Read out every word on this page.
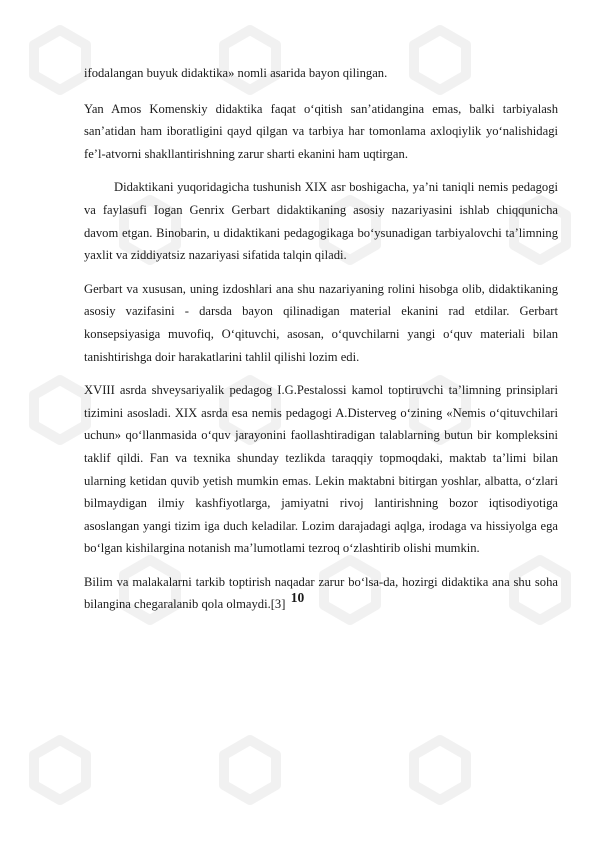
ifodalangan buyuk didaktika» nomli asarida bayon qilingan.

Yan Amos Komenskiy didaktika faqat o‘qitish san’atidangina emas, balki tarbiyalash san’atidan ham iboratligini qayd qilgan va tarbiya har tomonlama axloqiylik yo‘nalishidagi fe’l-atvorni shakllantirishning zarur sharti ekanini ham uqtirgan.

Didaktikani yuqoridagicha tushunish XIX asr boshigacha, ya’ni taniqli nemis pedagogi va faylasufi Iogan Genrix Gerbart didaktikaning asosiy nazariyasini ishlab chiqqunicha davom etgan. Binobarin, u didaktikani pedagogikaga bo‘ysunadigan tarbiyalovchi ta’limning yaxlit va ziddiyatsiz nazariyasi sifatida talqin qiladi.

Gerbart va xususan, uning izdoshlari ana shu nazariyaning rolini hisobga olib, didaktikaning asosiy vazifasini - darsda bayon qilinadigan material ekanini rad etdilar. Gerbart konsepsiyasiga muvofiq, O‘qituvchi, asosan, o‘quvchilarni yangi o‘quv materiali bilan tanishtirishga doir harakatlarini tahlil qilishi lozim edi.

XVIII asrda shveysariyalik pedagog I.G.Pestalossi kamol toptiruvchi ta’limning prinsiplari tizimini asosladi. XIX asrda esa nemis pedagogi A.Disterveg o‘zining «Nemis o‘qituvchilari uchun» qo‘llanmasida o‘quv jarayonini faollashtiradigan talablarning butun bir kompleksini taklif qildi. Fan va texnika shunday tezlikda taraqqiy topmoqdaki, maktab ta’limi bilan ularning ketidan quvib yetish mumkin emas. Lekin maktabni bitirgan yoshlar, albatta, o‘zlari bilmaydigan ilmiy kashfiyotlarga, jamiyatni rivoj lantirishning bozor iqtisodiyotiga asoslangan yangi tizim iga duch keladilar. Lozim darajadagi aqlga, irodaga va hissiyolga ega bo‘lgan kishilargina notanish ma’lumotlami tezroq o‘zlashtirib olishi mumkin.

Bilim va malakalarni tarkib toptirish naqadar zarur bo‘lsa-da, hozirgi didaktika ana shu soha bilangina chegaralanib qola olmaydi.[3] 10
